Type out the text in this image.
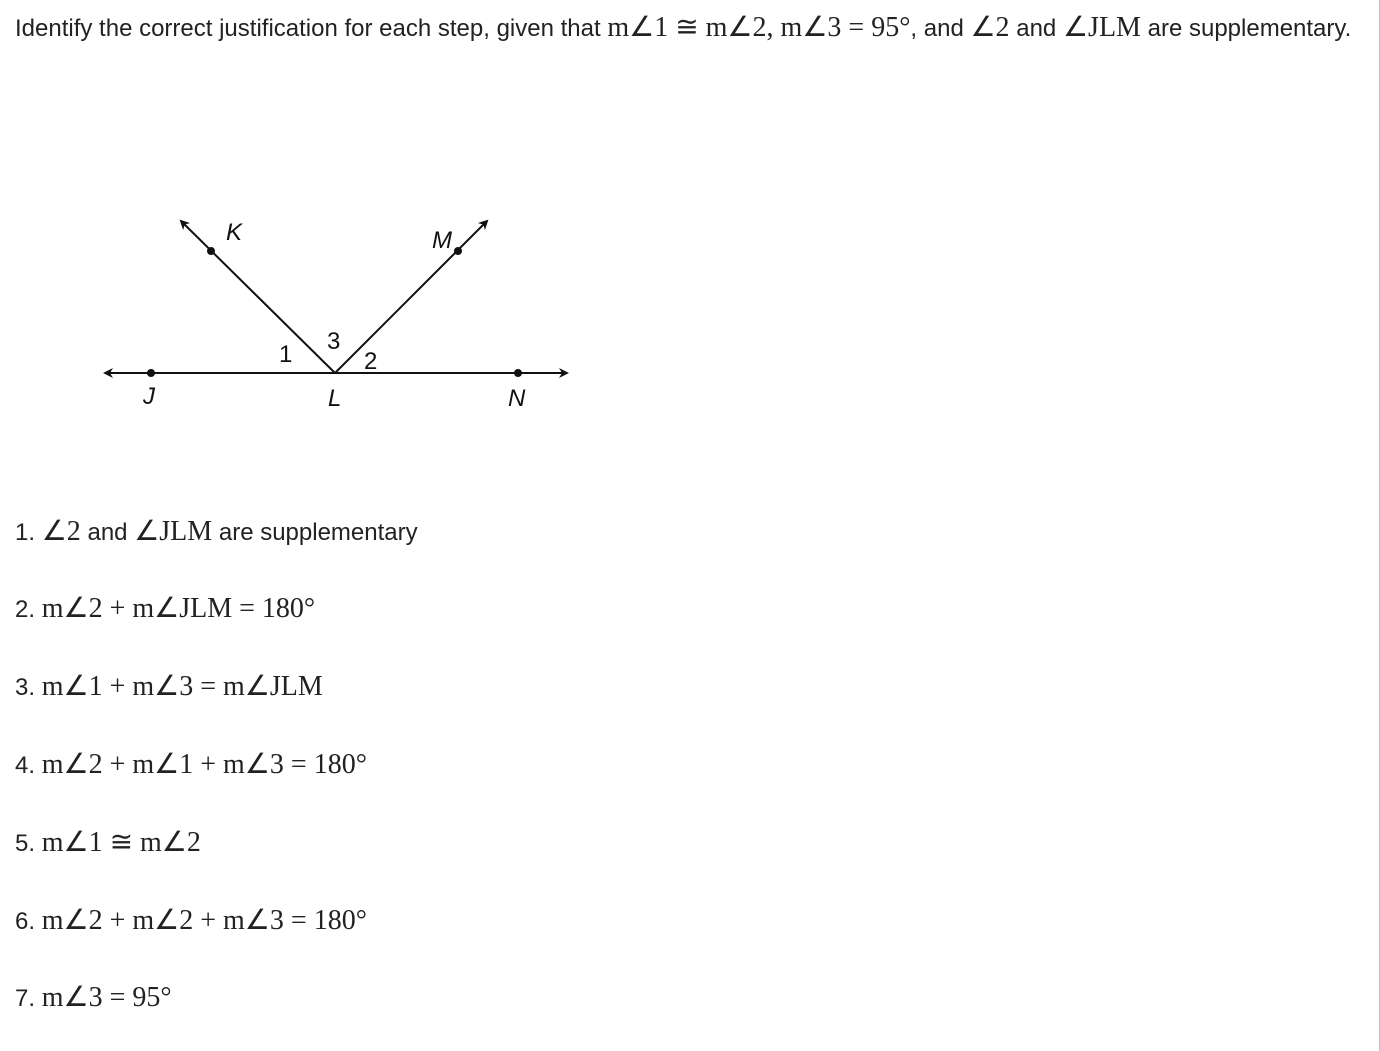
Identify the correct justification for each step, given that m∠1 ≅ m∠2, m∠3 = 95°, and ∠2 and ∠JLM are supplementary.
K	M
J	L	N
1 3
2
1. ∠2 and ∠JLM are supplementary
2. m∠2 + m∠JLM = 180°
3. m∠1 + m∠3 = m∠JLM
4. m∠2 + m∠1 + m∠3 = 180°
5. m∠1 ≅ m∠2
6. m∠2 + m∠2 + m∠3 = 180°
7. m∠3 = 95°
